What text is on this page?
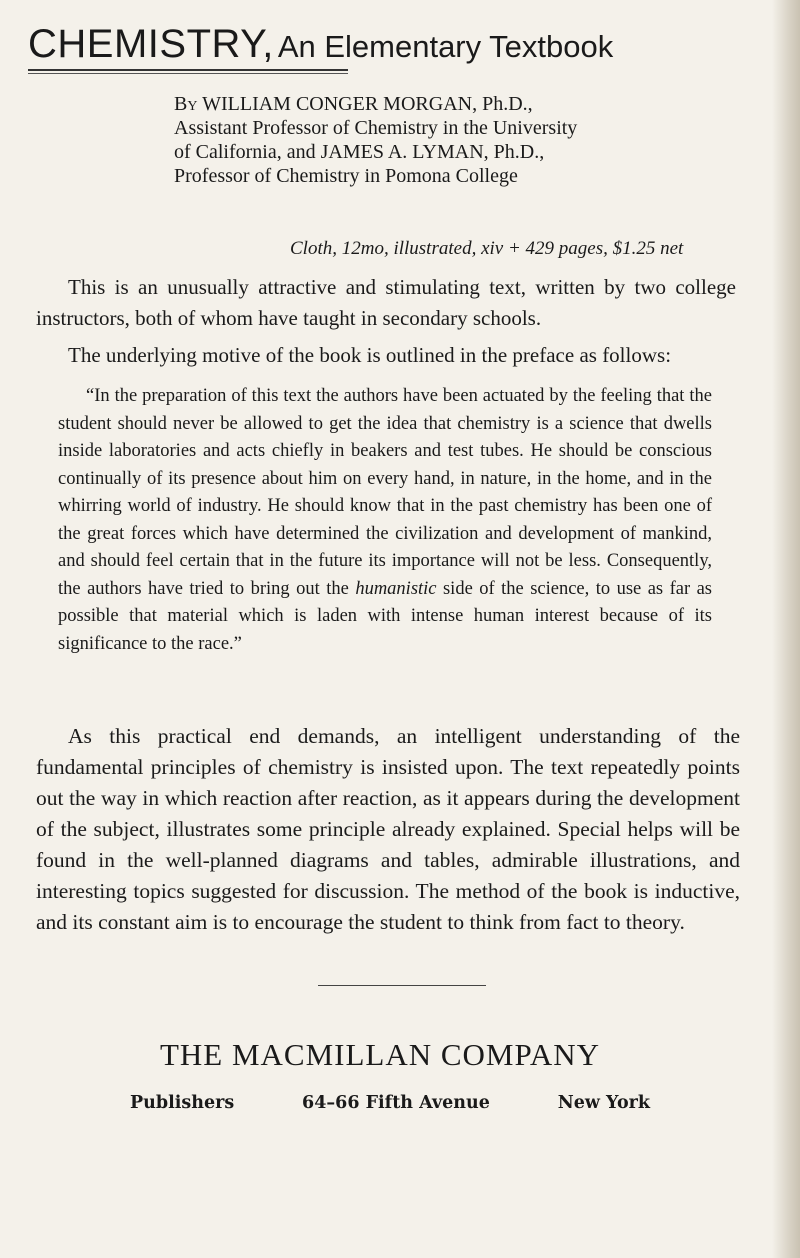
CHEMISTRY, An Elementary Textbook

By WILLIAM CONGER MORGAN, Ph.D.,

Assistant Professor of Chemistry in the University

of California, and JAMES A. LYMAN, Ph.D.,

Professor of Chemistry in Pomona College

Cloth, 12mo, illustrated, xiv + 429 pages, $1.25 net

This is an unusually attractive and stimulating text, written by two college instructors, both of whom have taught in secondary schools.

The underlying motive of the book is outlined in the preface as follows:

“In the preparation of this text the authors have been actuated by the feeling that the student should never be allowed to get the idea that chemistry is a science that dwells inside laboratories and acts chiefly in beakers and test tubes. He should be conscious continually of its presence about him on every hand, in nature, in the home, and in the whirring world of industry. He should know that in the past chemistry has been one of the great forces which have determined the civilization and development of mankind, and should feel certain that in the future its importance will not be less. Consequently, the authors have tried to bring out the humanistic side of the science, to use as far as possible that material which is laden with intense human interest because of its significance to the race.”

As this practical end demands, an intelligent understanding of the fundamental principles of chemistry is insisted upon. The text repeatedly points out the way in which reaction after reaction, as it appears during the development of the subject, illustrates some principle already explained. Special helps will be found in the well-planned diagrams and tables, admirable illustrations, and interesting topics suggested for discussion. The method of the book is inductive, and its constant aim is to encourage the student to think from fact to theory.

THE MACMILLAN COMPANY
Publishers	64–66 Fifth Avenue	New York
